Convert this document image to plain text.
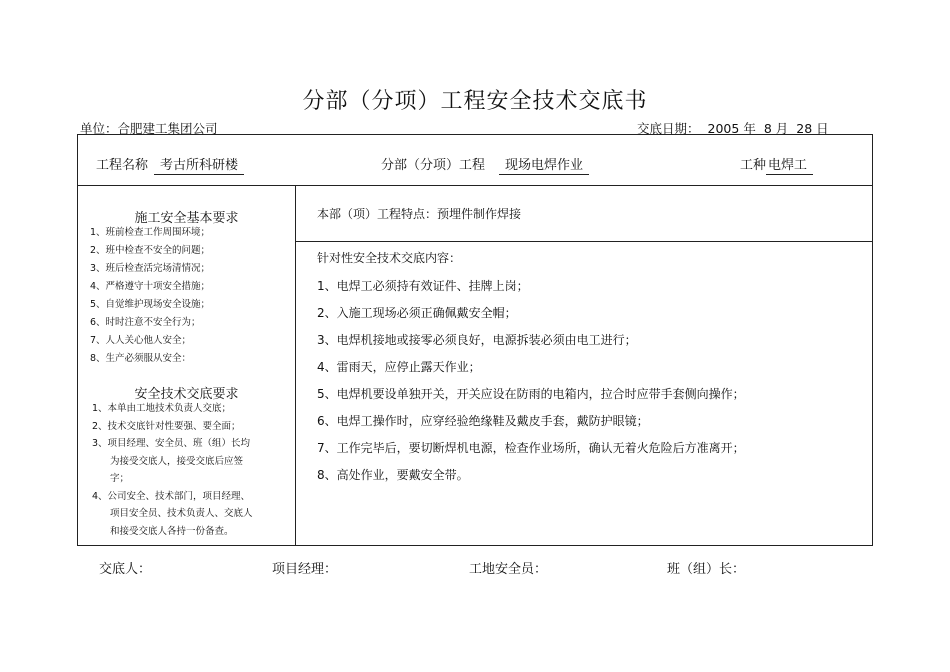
分部（分项）工程安全技术交底书
单位：合肥建工集团公司	交底日期： 2005 年 8 月 28 日
工程名称 考古所科研楼	分部（分项）工程 现场电焊作业	工种 电焊工
施工安全基本要求
1、班前检查工作周围环境；
2、班中检查不安全的问题；
3、班后检查活完场清情况；
4、严格遵守十项安全措施；
5、自觉维护现场安全设施；
6、时时注意不安全行为；
7、人人关心他人安全；
8、生产必须服从安全：
安全技术交底要求
1、本单由工地技术负责人交底；
2、技术交底针对性要强、要全面；
3、项目经理、安全员、班（组）长均
为接受交底人，接受交底后应签
字；
4、公司安全、技术部门，项目经理、
项目安全员、技术负责人、交底人
和接受交底人各持一份备查。
本部（项）工程特点：预埋件制作焊接
针对性安全技术交底内容：
1、电焊工必须持有效证件、挂牌上岗；
2、入施工现场必须正确佩戴安全帽；
3、电焊机接地或接零必须良好，电源拆装必须由电工进行；
4、雷雨天，应停止露天作业；
5、电焊机要设单独开关，开关应设在防雨的电箱内，拉合时应带手套侧向操作；
6、电焊工操作时，应穿经验绝缘鞋及戴皮手套，戴防护眼镜；
7、工作完毕后，要切断焊机电源，检查作业场所，确认无着火危险后方准离开；
8、高处作业，要戴安全带。
交底人：	项目经理：	工地安全员：	班（组）长：
